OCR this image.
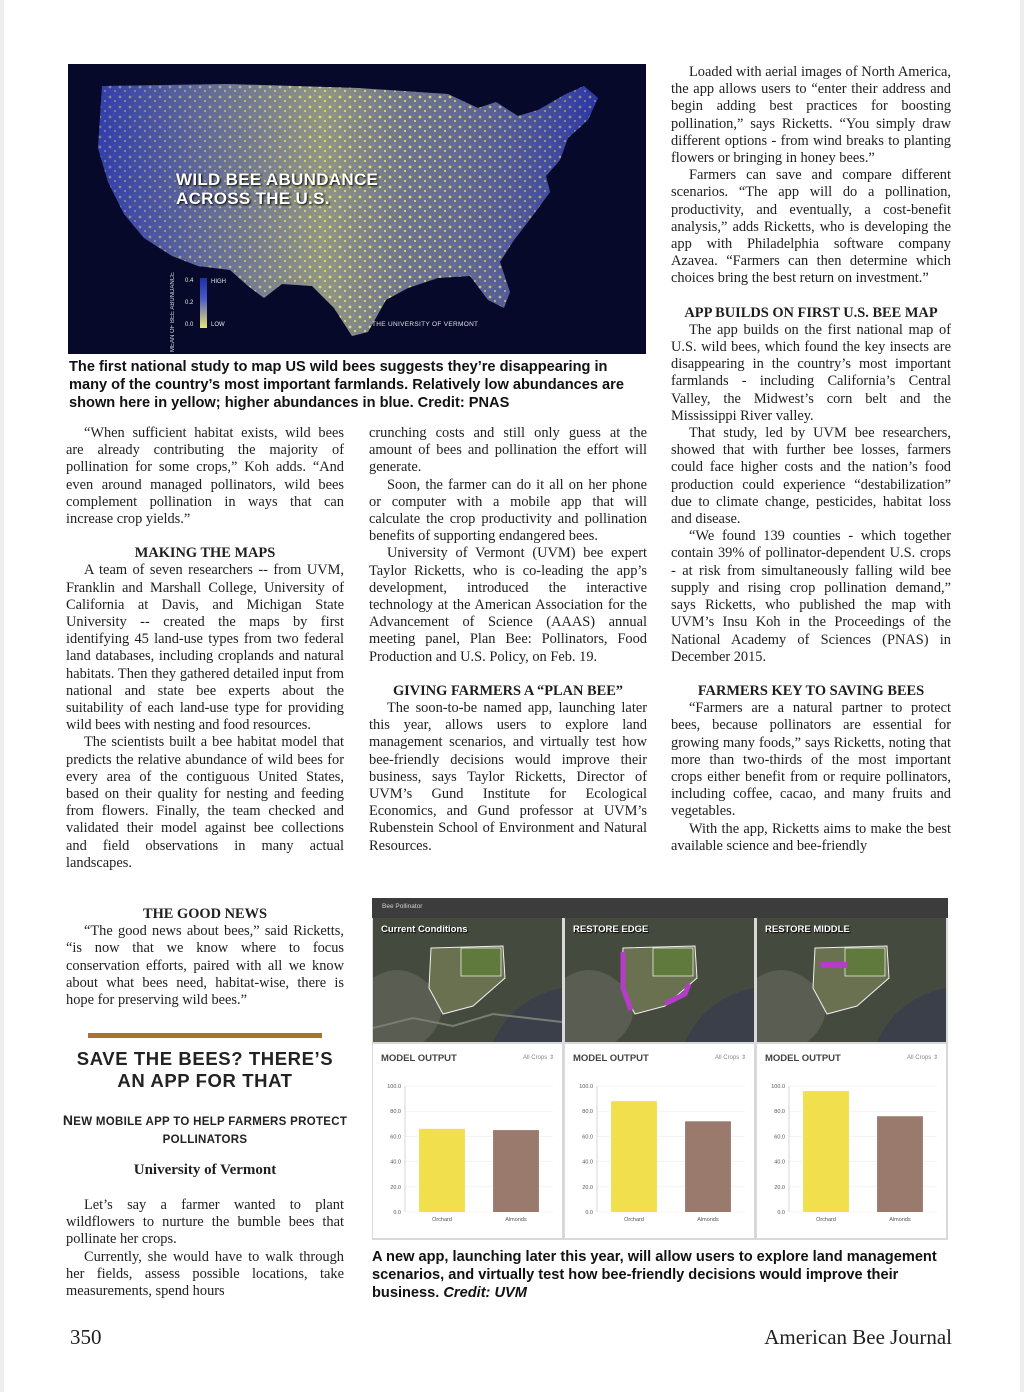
WILD BEE ABUNDANCE
ACROSS THE U.S.
MEAN OF BEE ABUNDANCE	0.4
0.2
0.0
HIGH
LOW	THE UNIVERSITY OF VERMONT
The first national study to map US wild bees suggests they’re disappearing in many of the country’s most important farmlands. Relatively low abundances are shown here in yellow; higher abundances in blue. Credit: PNAS

“When sufficient habitat exists, wild bees are already contributing the majority of pollination for some crops,” Koh adds. “And even around managed pollinators, wild bees complement pollination in ways that can increase crop yields.”

MAKING THE MAPS

A team of seven researchers -- from UVM, Franklin and Marshall College, University of California at Davis, and Michigan State University -- created the maps by first identifying 45 land-use types from two federal land databases, including croplands and natural habitats. Then they gathered detailed input from national and state bee experts about the suitability of each land-use type for providing wild bees with nesting and food resources.

The scientists built a bee habitat model that predicts the relative abundance of wild bees for every area of the contiguous United States, based on their quality for nesting and feeding from flowers. Finally, the team checked and validated their model against bee collections and field observations in many actual landscapes.

THE GOOD NEWS

“The good news about bees,” said Ricketts, “is now that we know where to focus conservation efforts, paired with all we know about what bees need, habitat-wise, there is hope for preserving wild bees.”

SAVE THE BEES? THERE’S AN APP FOR THAT
NEW MOBILE APP TO HELP FARMERS PROTECT POLLINATORS
University of Vermont

Let’s say a farmer wanted to plant wildflowers to nurture the bumble bees that pollinate her crops.

Currently, she would have to walk through her fields, assess possible locations, take measurements, spend hours

crunching costs and still only guess at the amount of bees and pollination the effort will generate.

Soon, the farmer can do it all on her phone or computer with a mobile app that will calculate the crop productivity and pollination benefits of supporting endangered bees.

University of Vermont (UVM) bee expert Taylor Ricketts, who is co-leading the app’s development, introduced the interactive technology at the American Association for the Advancement of Science (AAAS) annual meeting panel, Plan Bee: Pollinators, Food Production and U.S. Policy, on Feb. 19.

GIVING FARMERS A “PLAN BEE”

The soon-to-be named app, launching later this year, allows users to explore land management scenarios, and virtually test how bee-friendly decisions would improve their business, says Taylor Ricketts, Director of UVM’s Gund Institute for Ecological Economics, and Gund professor at UVM’s Rubenstein School of Environment and Natural Resources.

Loaded with aerial images of North America, the app allows users to “enter their address and begin adding best practices for boosting pollination,” says Ricketts. “You simply draw different options - from wind breaks to planting flowers or bringing in honey bees.”

Farmers can save and compare different scenarios. “The app will do a pollination, productivity, and eventually, a cost-benefit analysis,” adds Ricketts, who is developing the app with Philadelphia software company Azavea. “Farmers can then determine which choices bring the best return on investment.”

APP BUILDS ON FIRST U.S. BEE MAP

The app builds on the first national map of U.S. wild bees, which found the key insects are disappearing in the country’s most important farmlands - including California’s Central Valley, the Midwest’s corn belt and the Mississippi River valley.

That study, led by UVM bee researchers, showed that with further bee losses, farmers could face higher costs and the nation’s food production could experience “destabilization” due to climate change, pesticides, habitat loss and disease.

“We found 139 counties - which together contain 39% of pollinator-dependent U.S. crops - at risk from simultaneously falling wild bee supply and rising crop pollination demand,” says Ricketts, who published the map with UVM’s Insu Koh in the Proceedings of the National Academy of Sciences (PNAS) in December 2015.

FARMERS KEY TO SAVING BEES

“Farmers are a natural partner to protect bees, because pollinators are essential for growing many foods,” says Ricketts, noting that more than two-thirds of the most important crops either benefit from or require pollinators, including coffee, cacao, and many fruits and vegetables.

With the app, Ricketts aims to make the best available science and bee-friendly

Bee Pollinator
Current Conditions	RESTORE EDGE	RESTORE MIDDLE
0.0
20.0
40.0
60.0
80.0
100.0
Orchard	Almonds
MODEL OUTPUT	All Crops ⇕
0.0
20.0
40.0
60.0
80.0
100.0
Orchard	Almonds
MODEL OUTPUT	All Crops ⇕
0.0
20.0
40.0
60.0
80.0
100.0
Orchard	Almonds
MODEL OUTPUT	All Crops ⇕
A new app, launching later this year, will allow users to explore land management scenarios, and virtually test how bee-friendly decisions would improve their business. Credit: UVM
350	American Bee Journal
